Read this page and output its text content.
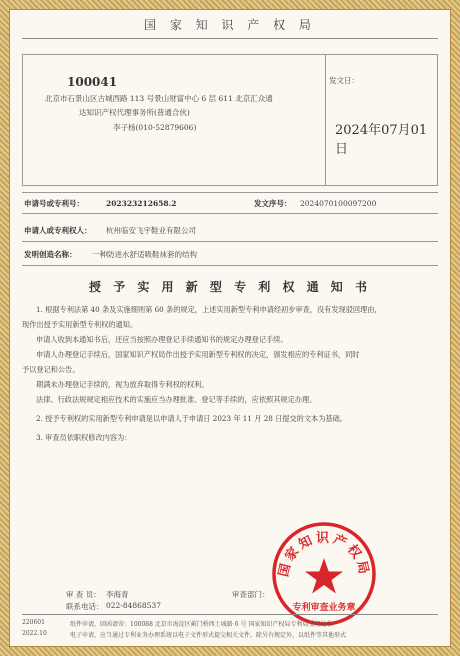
国 家 知 识 产 权 局
100041
北京市石景山区古城西路 113 号景山财富中心 6 层 611 北京汇众通
达知识产权代理事务所(普通合伙)
李子杨(010-52879606)
发文日：
2024年07月01日
申请号或专利号：	202323212658.2	发文序号： 2024070100097200
申请人或专利权人： 杭州临安飞宇鞋业有限公司
发明创造名称： 一种防进水舒适吸鞋袜套的结构
授 予 实 用 新 型 专 利 权 通 知 书
1. 根据专利法第 40 条及实施细则第 60 条的规定，上述实用新型专利申请经初步审查，没有发现驳回理由，
现作出授予实用新型专利权的通知。
申请人收到本通知书后，还应当按照办理登记手续通知书的规定办理登记手续。
申请人办理登记手续后，国家知识产权局作出授予实用新型专利权的决定，颁发相应的专利证书，同时
予以登记和公告。
期满未办理登记手续的，视为放弃取得专利权的权利。
法律、行政法规规定相应技术的实施应当办理批准、登记等手续的，应依照其规定办理。
2. 授予专利权的实用新型专利申请是以申请人于申请日 2023 年 11 月 28 日提交的文本为基础。
3. 审查员依职权修改内容为：
审 查 员： 李海青
联系电话： 022-84868537
审查部门：
国家知识产权局
专利审查业务章
220601
2022.10
纸件申请，回函请寄：100088 北京市海淀区蓟门桥西土城路 6 号 国家知识产权局专利局受理处收
电子申请，应当通过专利业务办理系统以电子文件形式提交相关文件。除另有规定外，以纸件等其他形式
